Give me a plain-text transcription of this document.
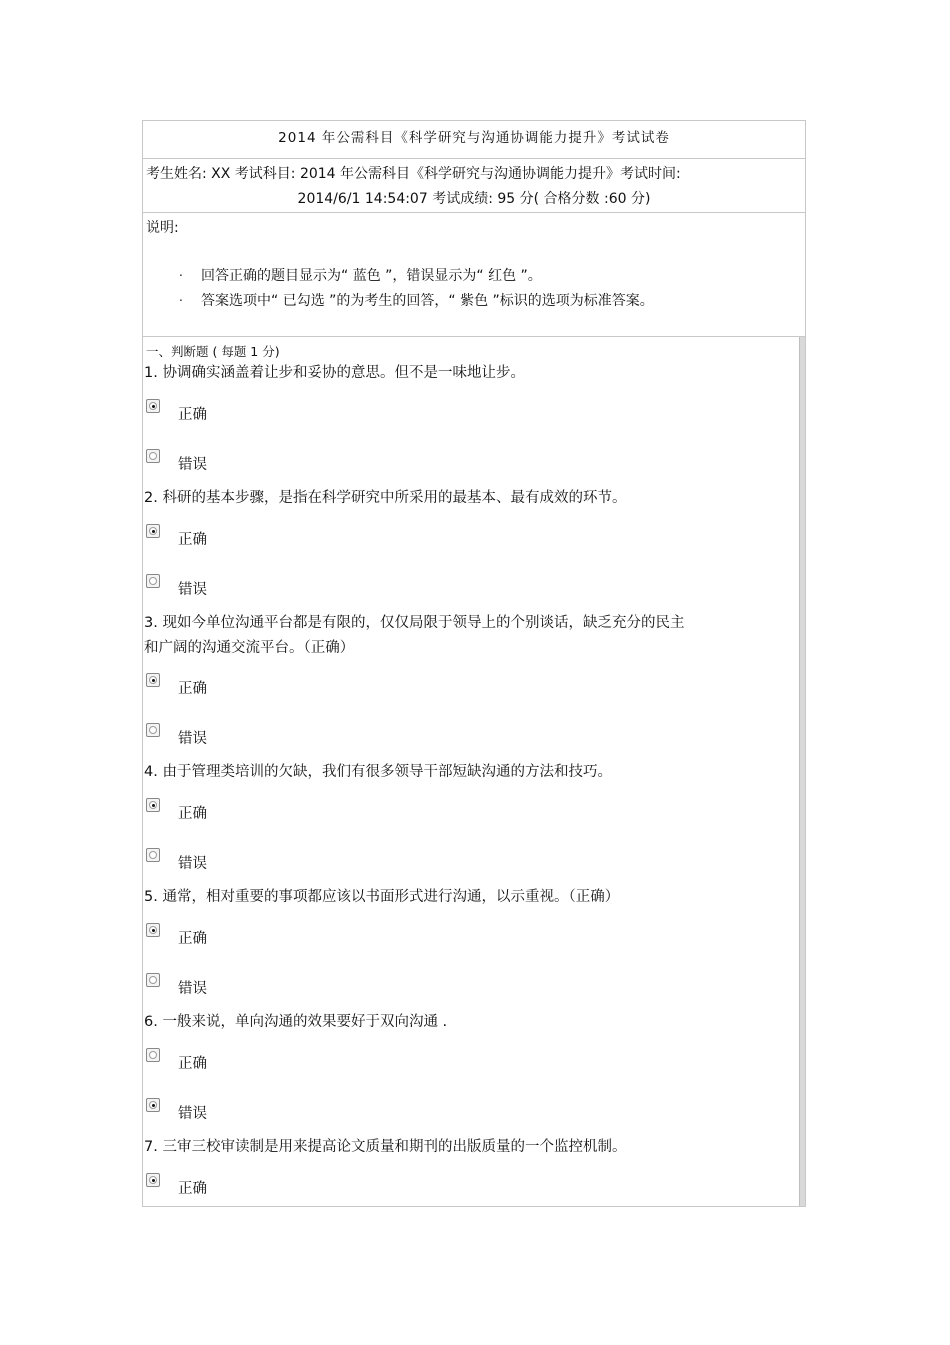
2014 年公需科目《科学研究与沟通协调能力提升》考试试卷
考生姓名: XX 考试科目: 2014 年公需科目《科学研究与沟通协调能力提升》考试时间:
2014/6/1 14:54:07 考试成绩: 95 分( 合格分数 :60 分)
说明:
. 回答正确的题目显示为“ 蓝色 ”，错误显示为“ 红色 ”。
. 答案选项中“ 已勾选 ”的为考生的回答，“ 紫色 ”标识的选项为标准答案。
一、判断题 ( 每题 1 分)
1. 协调确实涵盖着让步和妥协的意思。但不是一味地让步。
正确
错误
2. 科研的基本步骤，是指在科学研究中所采用的最基本、最有成效的环节。
正确
错误
3. 现如今单位沟通平台都是有限的，仅仅局限于领导上的个别谈话，缺乏充分的民主
和广阔的沟通交流平台。（正确）
正确
错误
4. 由于管理类培训的欠缺，我们有很多领导干部短缺沟通的方法和技巧。
正确
错误
5. 通常，相对重要的事项都应该以书面形式进行沟通，以示重视。（正确）
正确
错误
6. 一般来说，单向沟通的效果要好于双向沟通 .
正确
错误
7. 三审三校审读制是用来提高论文质量和期刊的出版质量的一个监控机制。
正确
